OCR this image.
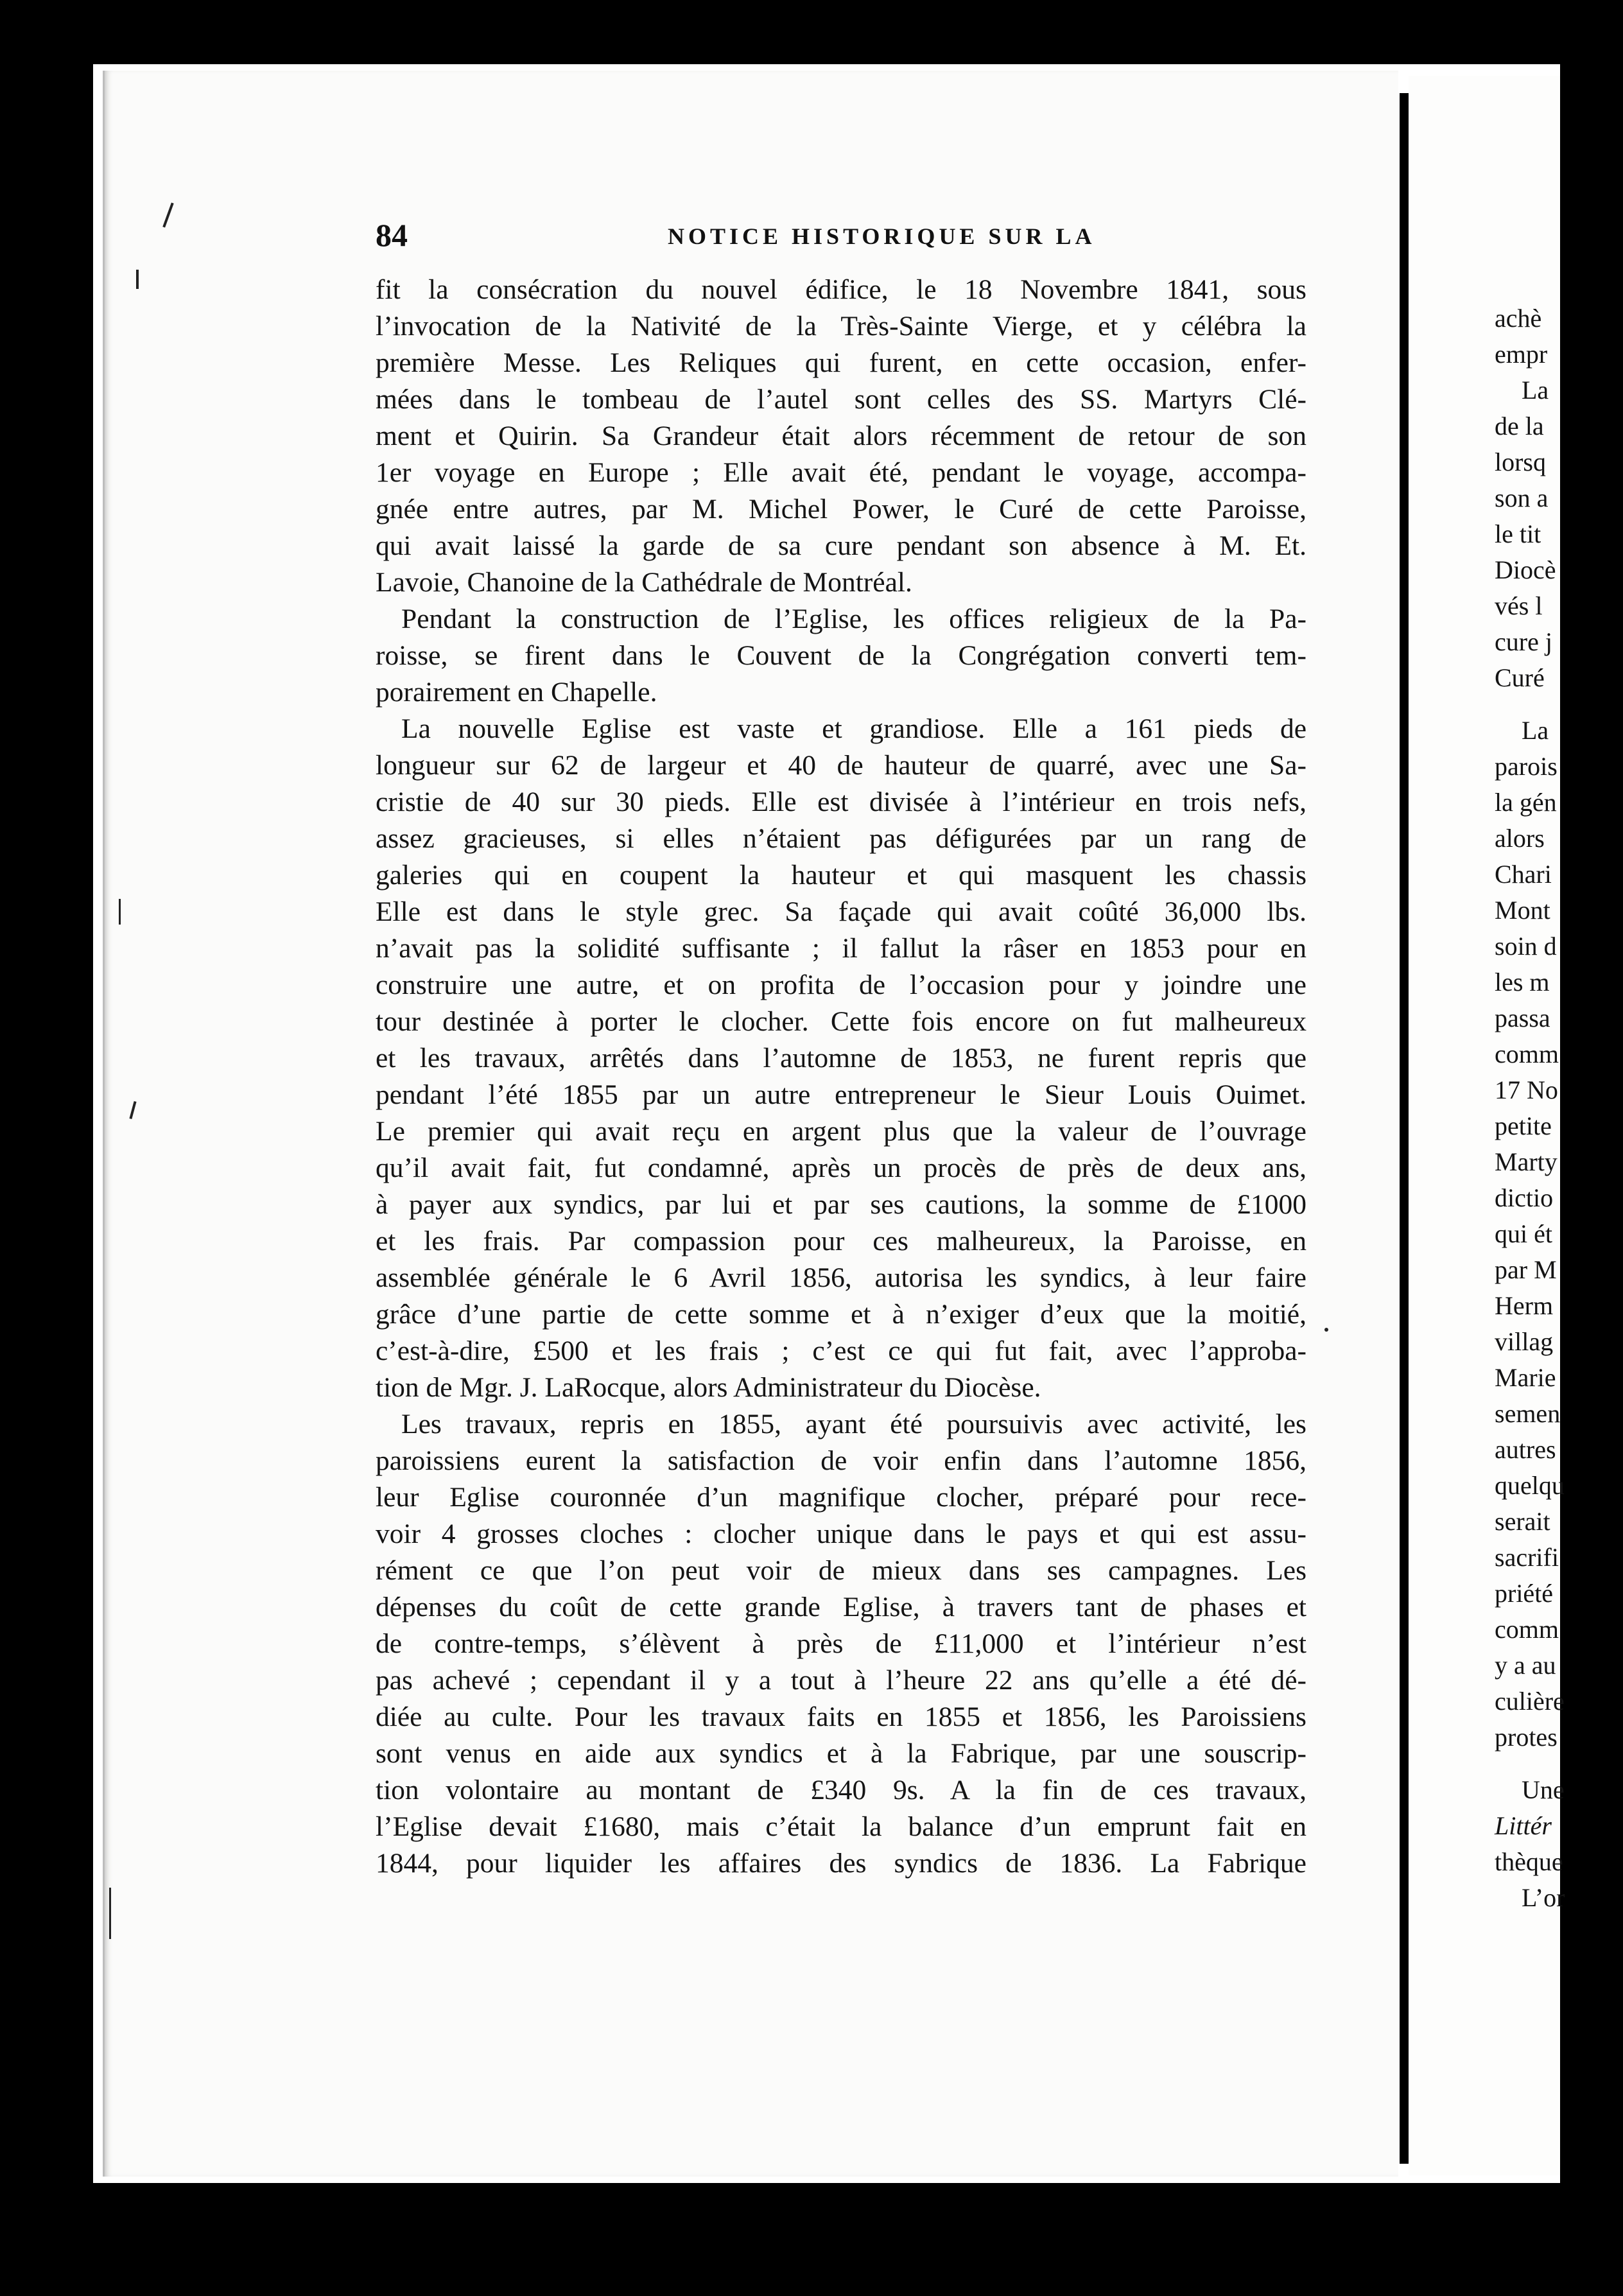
84	NOTICE HISTORIQUE SUR LA
fit la consécration du nouvel édifice, le 18 Novembre 1841, sous
l’invocation de la Nativité de la Très-Sainte Vierge, et y célébra la
première Messe. Les Reliques qui furent, en cette occasion, enfer-
mées dans le tombeau de l’autel sont celles des SS. Martyrs Clé-
ment et Quirin. Sa Grandeur était alors récemment de retour de son
1er voyage en Europe ; Elle avait été, pendant le voyage, accompa-
gnée entre autres, par M. Michel Power, le Curé de cette Paroisse,
qui avait laissé la garde de sa cure pendant son absence à M. Et.
Lavoie, Chanoine de la Cathédrale de Montréal.
Pendant la construction de l’Eglise, les offices religieux de la Pa-
roisse, se firent dans le Couvent de la Congrégation converti tem-
porairement en Chapelle.
La nouvelle Eglise est vaste et grandiose. Elle a 161 pieds de
longueur sur 62 de largeur et 40 de hauteur de quarré, avec une Sa-
cristie de 40 sur 30 pieds. Elle est divisée à l’intérieur en trois nefs,
assez gracieuses, si elles n’étaient pas défigurées par un rang de
galeries qui en coupent la hauteur et qui masquent les chassis
Elle est dans le style grec. Sa façade qui avait coûté 36,000 lbs.
n’avait pas la solidité suffisante ; il fallut la râser en 1853 pour en
construire une autre, et on profita de l’occasion pour y joindre une
tour destinée à porter le clocher. Cette fois encore on fut malheureux
et les travaux, arrêtés dans l’automne de 1853, ne furent repris que
pendant l’été 1855 par un autre entrepreneur le Sieur Louis Ouimet.
Le premier qui avait reçu en argent plus que la valeur de l’ouvrage
qu’il avait fait, fut condamné, après un procès de près de deux ans,
à payer aux syndics, par lui et par ses cautions, la somme de £1000
et les frais. Par compassion pour ces malheureux, la Paroisse, en
assemblée générale le 6 Avril 1856, autorisa les syndics, à leur faire
grâce d’une partie de cette somme et à n’exiger d’eux que la moitié,
c’est-à-dire, £500 et les frais ; c’est ce qui fut fait, avec l’approba-
tion de Mgr. J. LaRocque, alors Administrateur du Diocèse.
Les travaux, repris en 1855, ayant été poursuivis avec activité, les
paroissiens eurent la satisfaction de voir enfin dans l’automne 1856,
leur Eglise couronnée d’un magnifique clocher, préparé pour rece-
voir 4 grosses cloches : clocher unique dans le pays et qui est assu-
rément ce que l’on peut voir de mieux dans ses campagnes. Les
dépenses du coût de cette grande Eglise, à travers tant de phases et
de contre-temps, s’élèvent à près de £11,000 et l’intérieur n’est
pas achevé ; cependant il y a tout à l’heure 22 ans qu’elle a été dé-
diée au culte. Pour les travaux faits en 1855 et 1856, les Paroissiens
sont venus en aide aux syndics et à la Fabrique, par une souscrip-
tion volontaire au montant de £340 9s. A la fin de ces travaux,
l’Eglise devait £1680, mais c’était la balance d’un emprunt fait en
1844, pour liquider les affaires des syndics de 1836. La Fabrique
achè
empr
La
de la
lorsq
son a
le tit
Diocè
vés l
cure j
Curé
La
parois
la gén
alors
Chari
Mont
soin d
les m
passa
comm
17 No
petite
Marty
dictio
qui ét
par M
Herm
villag
Marie
semen
autres
quelqu
serait
sacrifi
priété
comm
y a au
culière
protes
Une
Littér
thèque
L’or
